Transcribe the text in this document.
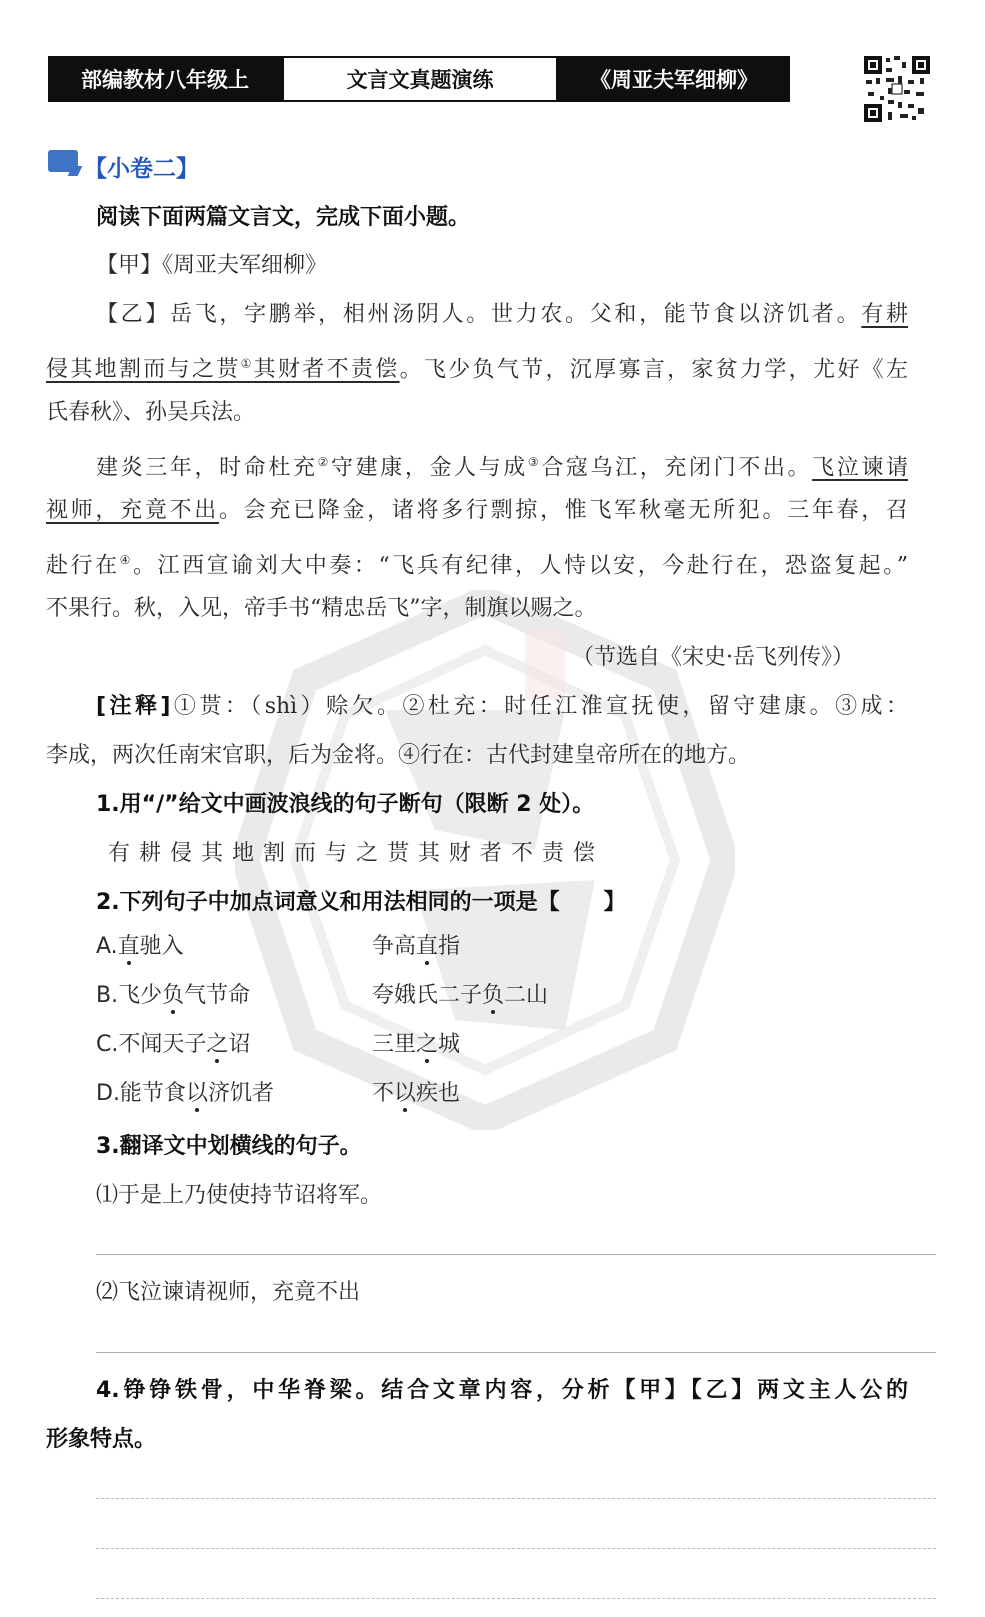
部编教材八年级上	文言文真题演练	《周亚夫军细柳》
【小卷二】
阅读下面两篇文言文，完成下面小题。
【甲】《周亚夫军细柳》
【乙】岳飞，字鹏举，相州汤阴人。世力农。父和，能节食以济饥者。有耕
侵其地割而与之贳①其财者不责偿。飞少负气节，沉厚寡言，家贫力学，尤好《左
氏春秋》、孙吴兵法。
建炎三年，时命杜充②守建康，金人与成③合寇乌江，充闭门不出。飞泣谏请
视师，充竟不出。会充已降金，诸将多行剽掠，惟飞军秋毫无所犯。三年春，召
赴行在④。江西宣谕刘大中奏：“飞兵有纪律，人恃以安，今赴行在，恐盗复起。”
不果行。秋，入见，帝手书“精忠岳飞”字，制旗以赐之。
（节选自《宋史·岳飞列传》）
[注释]①贳：（shì）赊欠。②杜充：时任江淮宣抚使，留守建康。③成：
李成，两次任南宋官职，后为金将。④行在：古代封建皇帝所在的地方。
1.用“/”给文中画波浪线的句子断句（限断 2 处）。
有 耕 侵 其 地 割 而 与 之 贳 其 财 者 不 责 偿
2.下列句子中加点词意义和用法相同的一项是【　　】
A.直驰入	争高直指
B.飞少负气节命	夸娥氏二子负二山
C.不闻天子之诏	三里之城
D.能节食以济饥者	不以疾也
3.翻译文中划横线的句子。
⑴于是上乃使使持节诏将军。
⑵飞泣谏请视师，充竟不出
4.铮铮铁骨，中华脊梁。结合文章内容，分析【甲】【乙】两文主人公的
形象特点。
